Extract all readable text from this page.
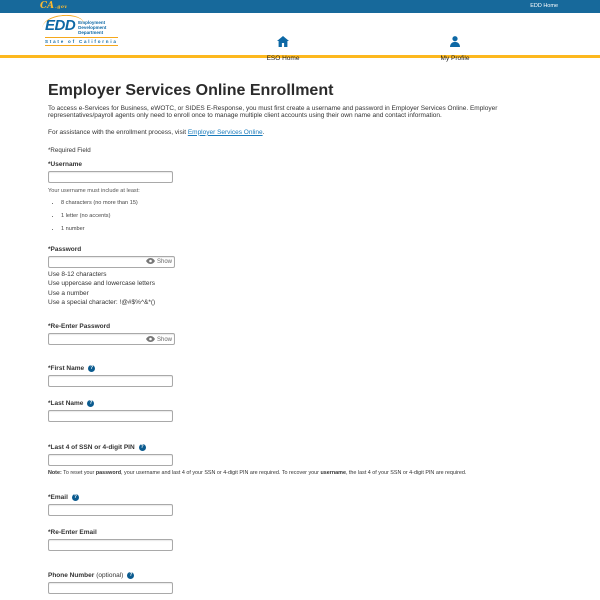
CA.gov	EDD Home
EDD Employment
Development
Department
State of California
ESO Home	My Profile
Employer Services Online Enrollment

To access e-Services for Business, eWOTC, or SIDES E-Response, you must first create a username and password in Employer Services Online. Employer representatives/payroll agents only need to enroll once to manage multiple client accounts using their own name and contact information.

For assistance with the enrollment process, visit Employer Services Online.

*Required Field

*Username
Your username must include at least:
• 8 characters (no more than 15)
• 1 letter (no accents)
• 1 number
*Password
Show
Use 8-12 characters
Use uppercase and lowercase letters
Use a number
Use a special character: !@#$%^&*()
*Re-Enter Password
Show
*First Name	?
*Last Name	?
*Last 4 of SSN or 4-digit PIN	?

Note: To reset your password, your username and last 4 of your SSN or 4-digit PIN are required. To recover your username, the last 4 of your SSN or 4-digit PIN are required.

*Email	?
*Re-Enter Email
Phone Number (optional)	?
